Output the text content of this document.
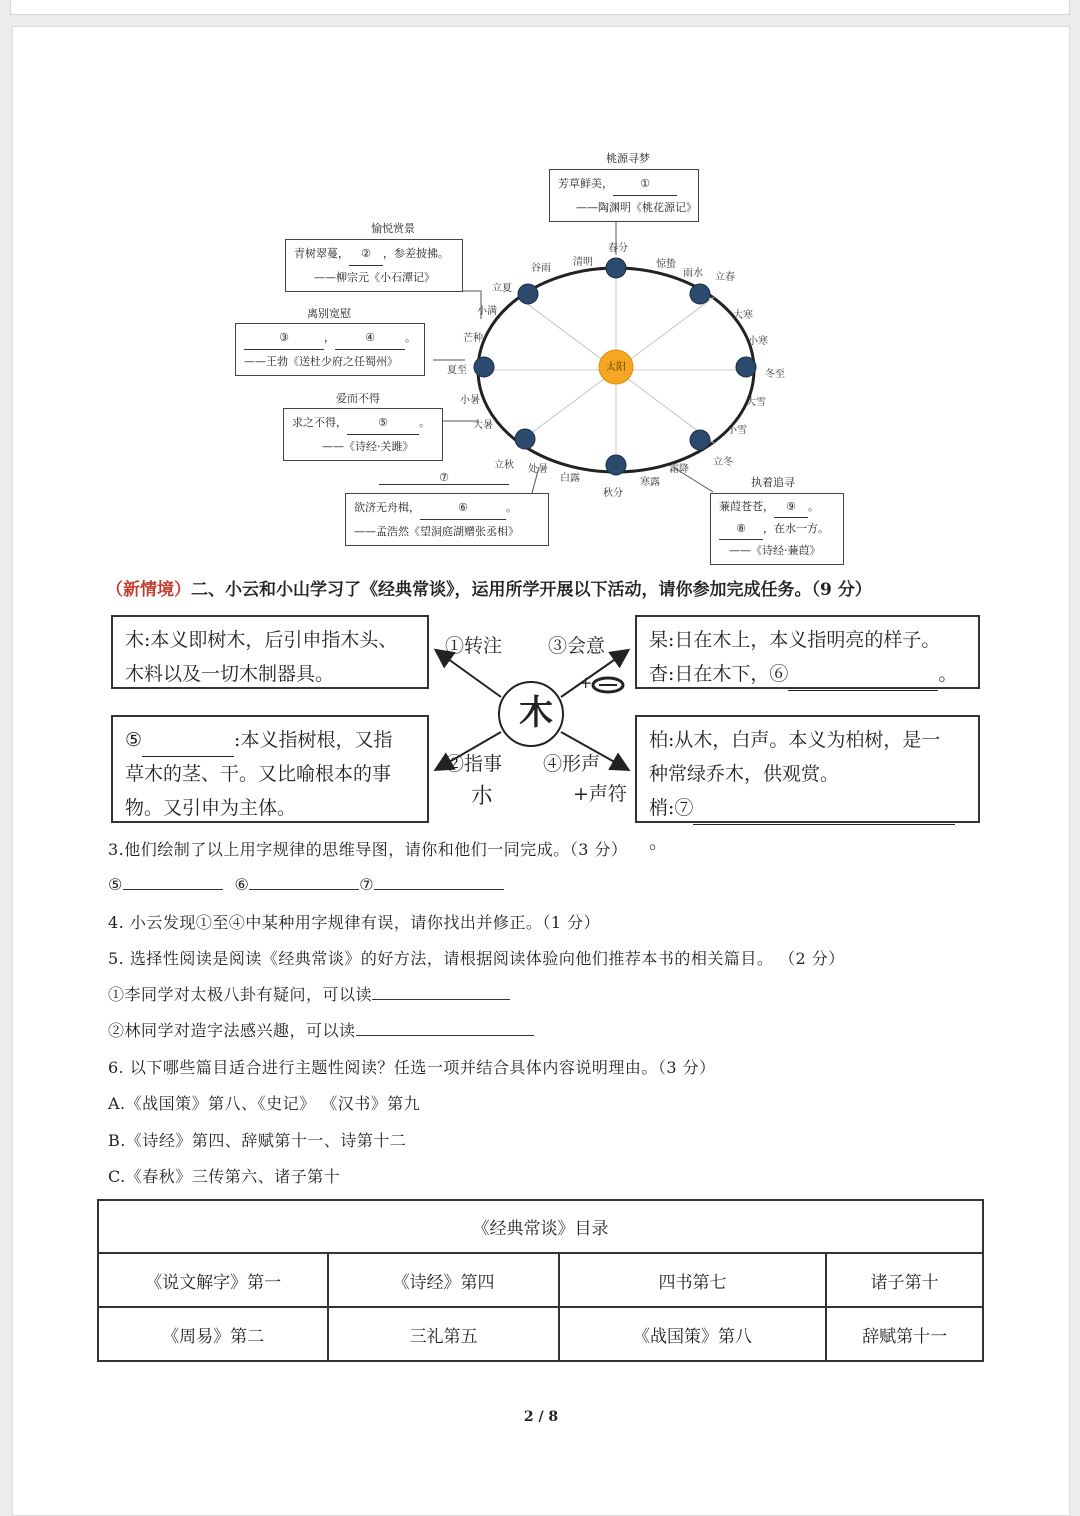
太阳
春分
清明
谷雨
立夏
小满
芒种
夏至
小暑
大暑
立秋 处暑
白露
秋分
寒露
霜降
立冬
小雪
大雪
冬至
小寒
大寒
立春
雨水
惊蛰
桃源寻梦
芳草鲜美， ①
——陶渊明《桃花源记》
愉悦赏景
青树翠蔓， ② ，参差披拂。
——柳宗元《小石潭记》
离别宽慰
③	，	④	。
——王勃《送杜少府之任蜀州》
爱而不得
求之不得，	⑤	。
——《诗经·关雎》
⑦
欲济无舟楫，	⑥	。
——孟浩然《望洞庭湖赠张丞相》
执着追寻
蒹葭苍苍， ⑨ 。
⑧ ，在水一方。
——《诗经·蒹葭》
（新情境）二、小云和小山学习了《经典常谈》，运用所学开展以下活动，请你参加完成任务。（9 分）
木:本义即树木，后引申指木头、
木料以及一切木制器具。
杲:日在木上，本义指明亮的样子。
杳:日在木下，⑥	。
⑤	:本义指树根，又指
草木的茎、干。又比喻根本的事
物。又引申为主体。
柏:从木，白声。本义为柏树，是一
种常绿乔木，供观赏。
梢:⑦。
木
①转注 ③会意
+
②指事
朩
④形声
+声符
3.他们绘制了以上用字规律的思维导图，请你和他们一同完成。（3 分）
⑤	⑥	⑦
4. 小云发现①至④中某种用字规律有误，请你找出并修正。（1 分）
5. 选择性阅读是阅读《经典常谈》的好方法，请根据阅读体验向他们推荐本书的相关篇目。 （2 分）
①李同学对太极八卦有疑问，可以读
②林同学对造字法感兴趣，可以读
6. 以下哪些篇目适合进行主题性阅读？任选一项并结合具体内容说明理由。（3 分）
A.《战国策》第八、《史记》 《汉书》第九
B.《诗经》第四、辞赋第十一、诗第十二
C.《春秋》三传第六、诸子第十
《经典常谈》目录			
《说文解字》第一	《诗经》第四	四书第七	诸子第十
《周易》第二	三礼第五	《战国策》第八	辞赋第十一
2 / 8
